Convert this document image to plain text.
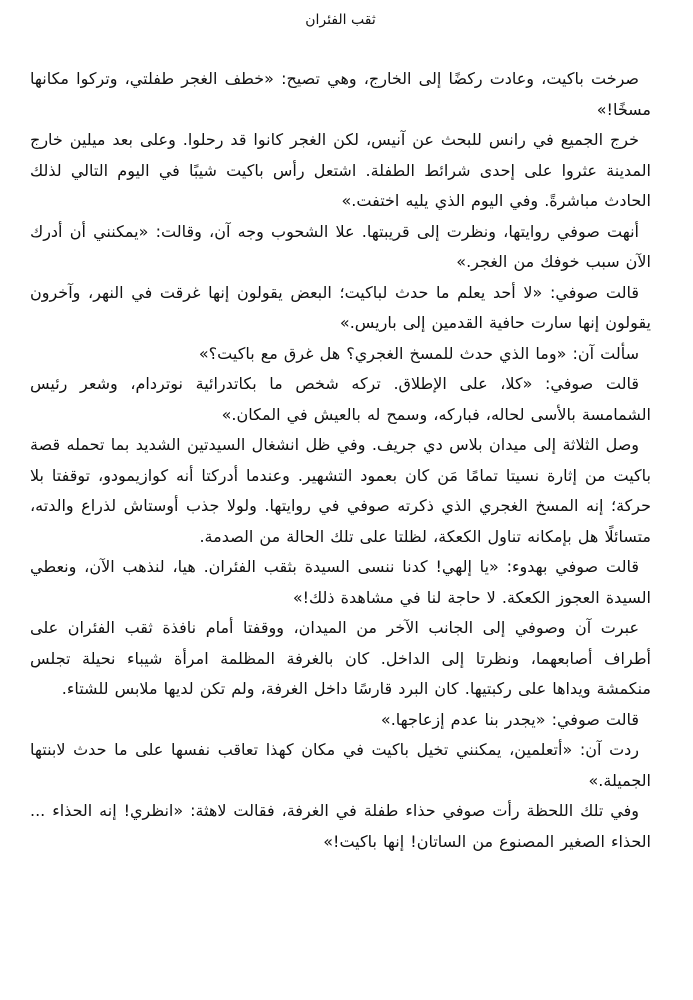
ثقب الفئران

صرخت باكيت، وعادت ركضًا إلى الخارج، وهي تصيح: «خطف الغجر طفلتي، وتركوا مكانها مسخًا!»

خرج الجميع في رانس للبحث عن آنيس، لكن الغجر كانوا قد رحلوا. وعلى بعد ميلين خارج المدينة عثروا على إحدى شرائط الطفلة. اشتعل رأس باكيت شيبًا في اليوم التالي لذلك الحادث مباشرةً. وفي اليوم الذي يليه اختفت.»

أنهت صوفي روايتها، ونظرت إلى قريبتها. علا الشحوب وجه آن، وقالت: «يمكنني أن أدرك الآن سبب خوفك من الغجر.»

قالت صوفي: «لا أحد يعلم ما حدث لباكيت؛ البعض يقولون إنها غرقت في النهر، وآخرون يقولون إنها سارت حافية القدمين إلى باريس.»

سألت آن: «وما الذي حدث للمسخ الغجري؟ هل غرق مع باكيت؟»

قالت صوفي: «كلا، على الإطلاق. تركه شخص ما بكاتدرائية نوتردام، وشعر رئيس الشمامسة بالأسى لحاله، فباركه، وسمح له بالعيش في المكان.»

وصل الثلاثة إلى ميدان بلاس دي جريف. وفي ظل انشغال السيدتين الشديد بما تحمله قصة باكيت من إثارة نسيتا تمامًا مَن كان بعمود التشهير. وعندما أدركتا أنه كوازيمودو، توقفتا بلا حركة؛ إنه المسخ الغجري الذي ذكرته صوفي في روايتها. ولولا جذب أوستاش لذراع والدته، متسائلًا هل بإمكانه تناول الكعكة، لظلتا على تلك الحالة من الصدمة.

قالت صوفي بهدوء: «يا إلهي! كدنا ننسى السيدة بثقب الفئران. هيا، لنذهب الآن، ونعطي السيدة العجوز الكعكة. لا حاجة لنا في مشاهدة ذلك!»

عبرت آن وصوفي إلى الجانب الآخر من الميدان، ووقفتا أمام نافذة ثقب الفئران على أطراف أصابعهما، ونظرتا إلى الداخل. كان بالغرفة المظلمة امرأة شيباء نحيلة تجلس منكمشة ويداها على ركبتيها. كان البرد قارسًا داخل الغرفة، ولم تكن لديها ملابس للشتاء.

قالت صوفي: «يجدر بنا عدم إزعاجها.»

ردت آن: «أتعلمين، يمكنني تخيل باكيت في مكان كهذا تعاقب نفسها على ما حدث لابنتها الجميلة.»

وفي تلك اللحظة رأت صوفي حذاء طفلة في الغرفة، فقالت لاهثة: «انظري! إنه الحذاء ... الحذاء الصغير المصنوع من الساتان! إنها باكيت!»
